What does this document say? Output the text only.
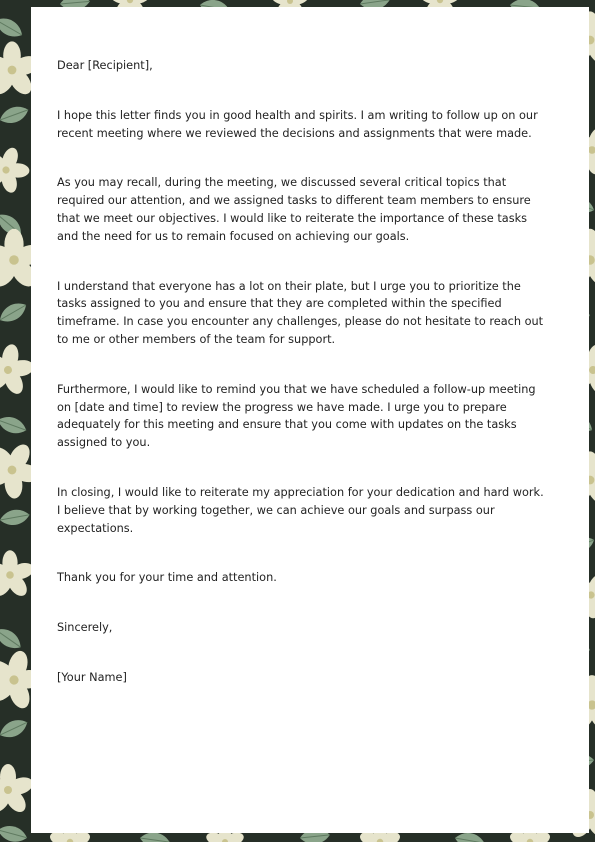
Dear [Recipient],

I hope this letter finds you in good health and spirits. I am writing to follow up on our recent meeting where we reviewed the decisions and assignments that were made.

As you may recall, during the meeting, we discussed several critical topics that required our attention, and we assigned tasks to different team members to ensure that we meet our objectives. I would like to reiterate the importance of these tasks and the need for us to remain focused on achieving our goals.

I understand that everyone has a lot on their plate, but I urge you to prioritize the tasks assigned to you and ensure that they are completed within the specified timeframe. In case you encounter any challenges, please do not hesitate to reach out to me or other members of the team for support.

Furthermore, I would like to remind you that we have scheduled a follow-up meeting on [date and time] to review the progress we have made. I urge you to prepare adequately for this meeting and ensure that you come with updates on the tasks assigned to you.

In closing, I would like to reiterate my appreciation for your dedication and hard work. I believe that by working together, we can achieve our goals and surpass our expectations.

Thank you for your time and attention.

Sincerely,

[Your Name]
